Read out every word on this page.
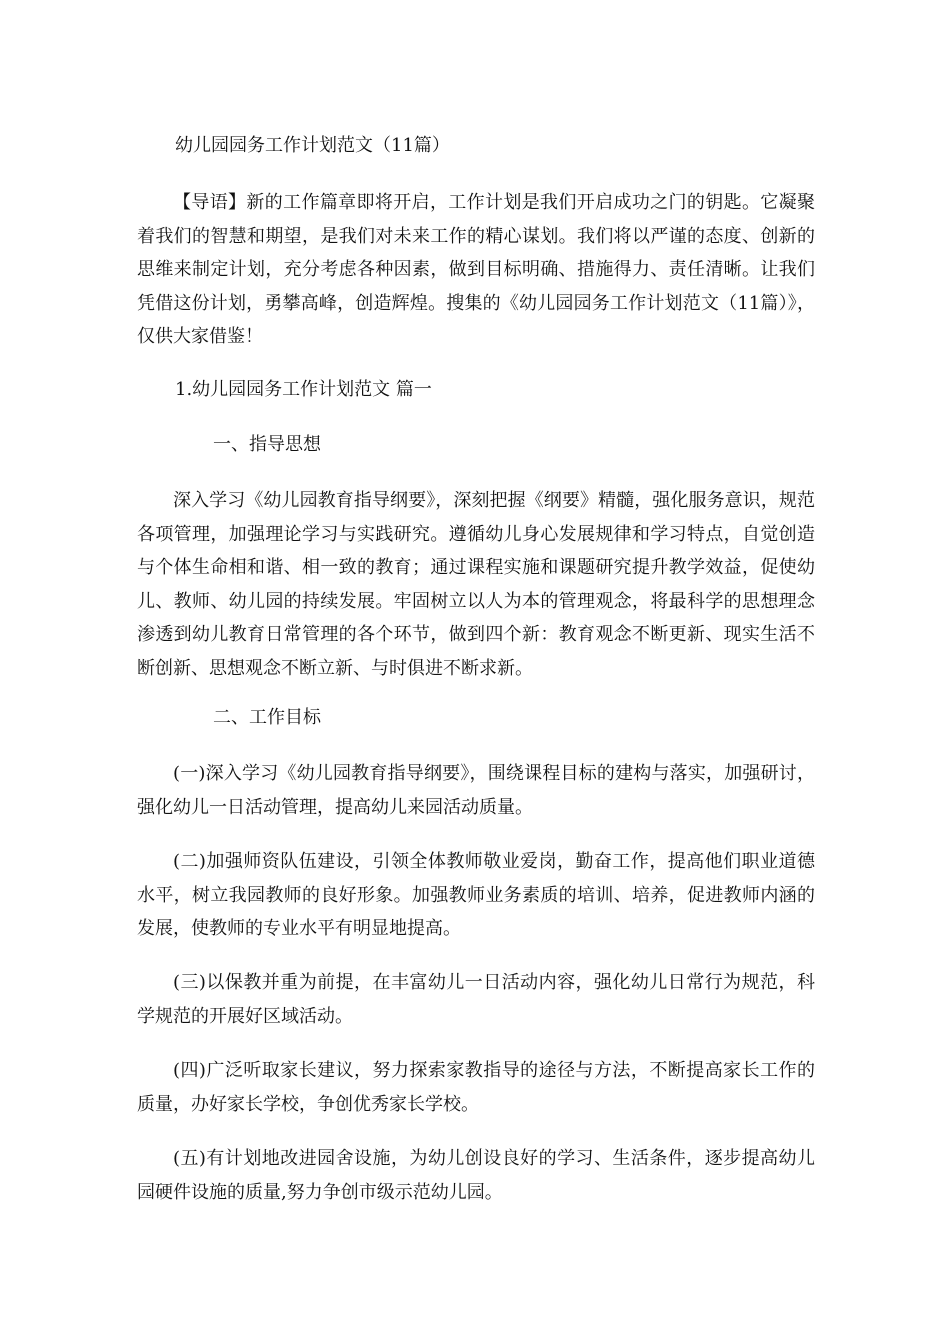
幼儿园园务工作计划范文（11篇）

【导语】新的工作篇章即将开启，工作计划是我们开启成功之门的钥匙。它凝聚着我们的智慧和期望，是我们对未来工作的精心谋划。我们将以严谨的态度、创新的思维来制定计划，充分考虑各种因素，做到目标明确、措施得力、责任清晰。让我们凭借这份计划，勇攀高峰，创造辉煌。搜集的《幼儿园园务工作计划范文（11篇）》，仅供大家借鉴！

1.幼儿园园务工作计划范文 篇一

一、指导思想

深入学习《幼儿园教育指导纲要》，深刻把握《纲要》精髓，强化服务意识，规范各项管理，加强理论学习与实践研究。遵循幼儿身心发展规律和学习特点，自觉创造与个体生命相和谐、相一致的教育；通过课程实施和课题研究提升教学效益，促使幼儿、教师、幼儿园的持续发展。牢固树立以人为本的管理观念，将最科学的思想理念渗透到幼儿教育日常管理的各个环节，做到四个新：教育观念不断更新、现实生活不断创新、思想观念不断立新、与时俱进不断求新。

二、工作目标

(一)深入学习《幼儿园教育指导纲要》，围绕课程目标的建构与落实，加强研讨，强化幼儿一日活动管理，提高幼儿来园活动质量。

(二)加强师资队伍建设，引领全体教师敬业爱岗，勤奋工作，提高他们职业道德水平，树立我园教师的良好形象。加强教师业务素质的培训、培养，促进教师内涵的发展，使教师的专业水平有明显地提高。

(三)以保教并重为前提，在丰富幼儿一日活动内容，强化幼儿日常行为规范，科学规范的开展好区域活动。

(四)广泛听取家长建议，努力探索家教指导的途径与方法，不断提高家长工作的质量，办好家长学校，争创优秀家长学校。

(五)有计划地改进园舍设施，为幼儿创设良好的学习、生活条件，逐步提高幼儿园硬件设施的质量,努力争创市级示范幼儿园。
